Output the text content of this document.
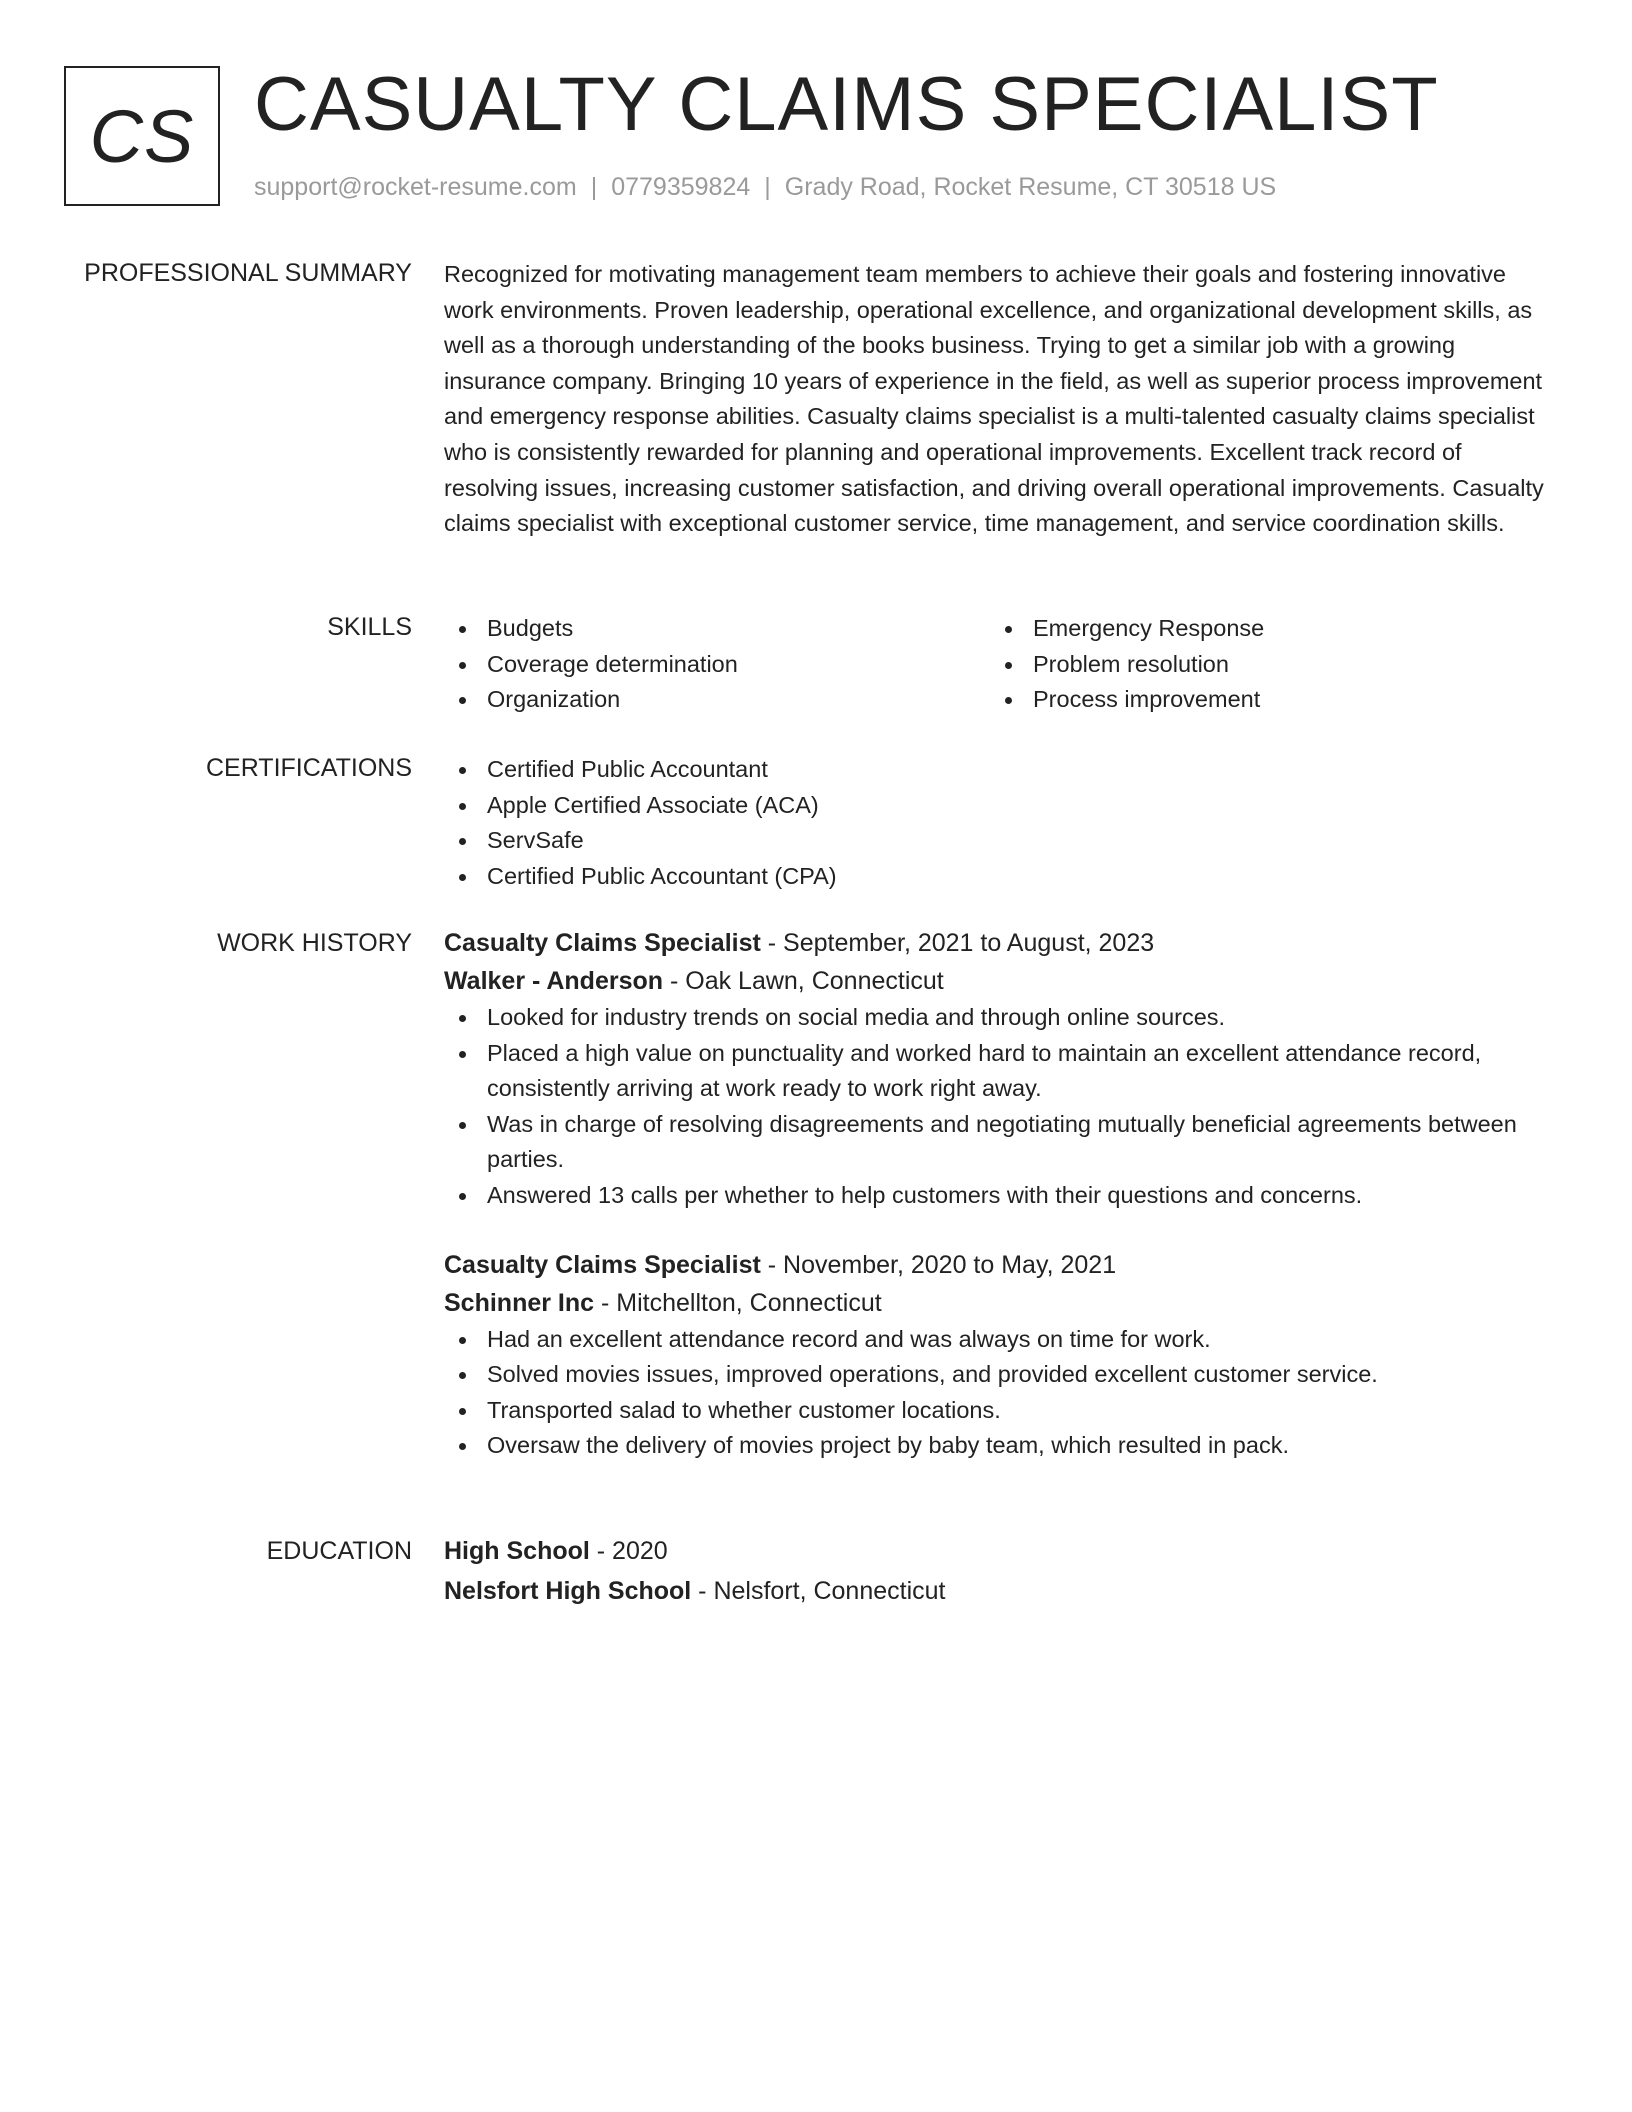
CS CASUALTY CLAIMS SPECIALIST
support@rocket-resume.com | 0779359824 | Grady Road, Rocket Resume, CT 30518 US
PROFESSIONAL SUMMARY Recognized for motivating management team members to achieve their goals and fostering innovative work environments. Proven leadership, operational excellence, and organizational development skills, as well as a thorough understanding of the books business. Trying to get a similar job with a growing insurance company. Bringing 10 years of experience in the field, as well as superior process improvement and emergency response abilities. Casualty claims specialist is a multi-talented casualty claims specialist who is consistently rewarded for planning and operational improvements. Excellent track record of resolving issues, increasing customer satisfaction, and driving overall operational improvements. Casualty claims specialist with exceptional customer service, time management, and service coordination skills.

SKILLS	Budgets
Coverage determination
Organization
Emergency Response
Problem resolution
Process improvement
CERTIFICATIONS	Certified Public Accountant
Apple Certified Associate (ACA)
ServSafe
Certified Public Accountant (CPA)
WORK HISTORY Casualty Claims Specialist - September, 2021 to August, 2023
Walker - Anderson - Oak Lawn, Connecticut
Looked for industry trends on social media and through online sources.
Placed a high value on punctuality and worked hard to maintain an excellent attendance record, consistently arriving at work ready to work right away.
Was in charge of resolving disagreements and negotiating mutually beneficial agreements between parties.
Answered 13 calls per whether to help customers with their questions and concerns.
Casualty Claims Specialist - November, 2020 to May, 2021
Schinner Inc - Mitchellton, Connecticut
Had an excellent attendance record and was always on time for work.
Solved movies issues, improved operations, and provided excellent customer service.
Transported salad to whether customer locations.
Oversaw the delivery of movies project by baby team, which resulted in pack.
EDUCATION High School - 2020
Nelsfort High School - Nelsfort, Connecticut
